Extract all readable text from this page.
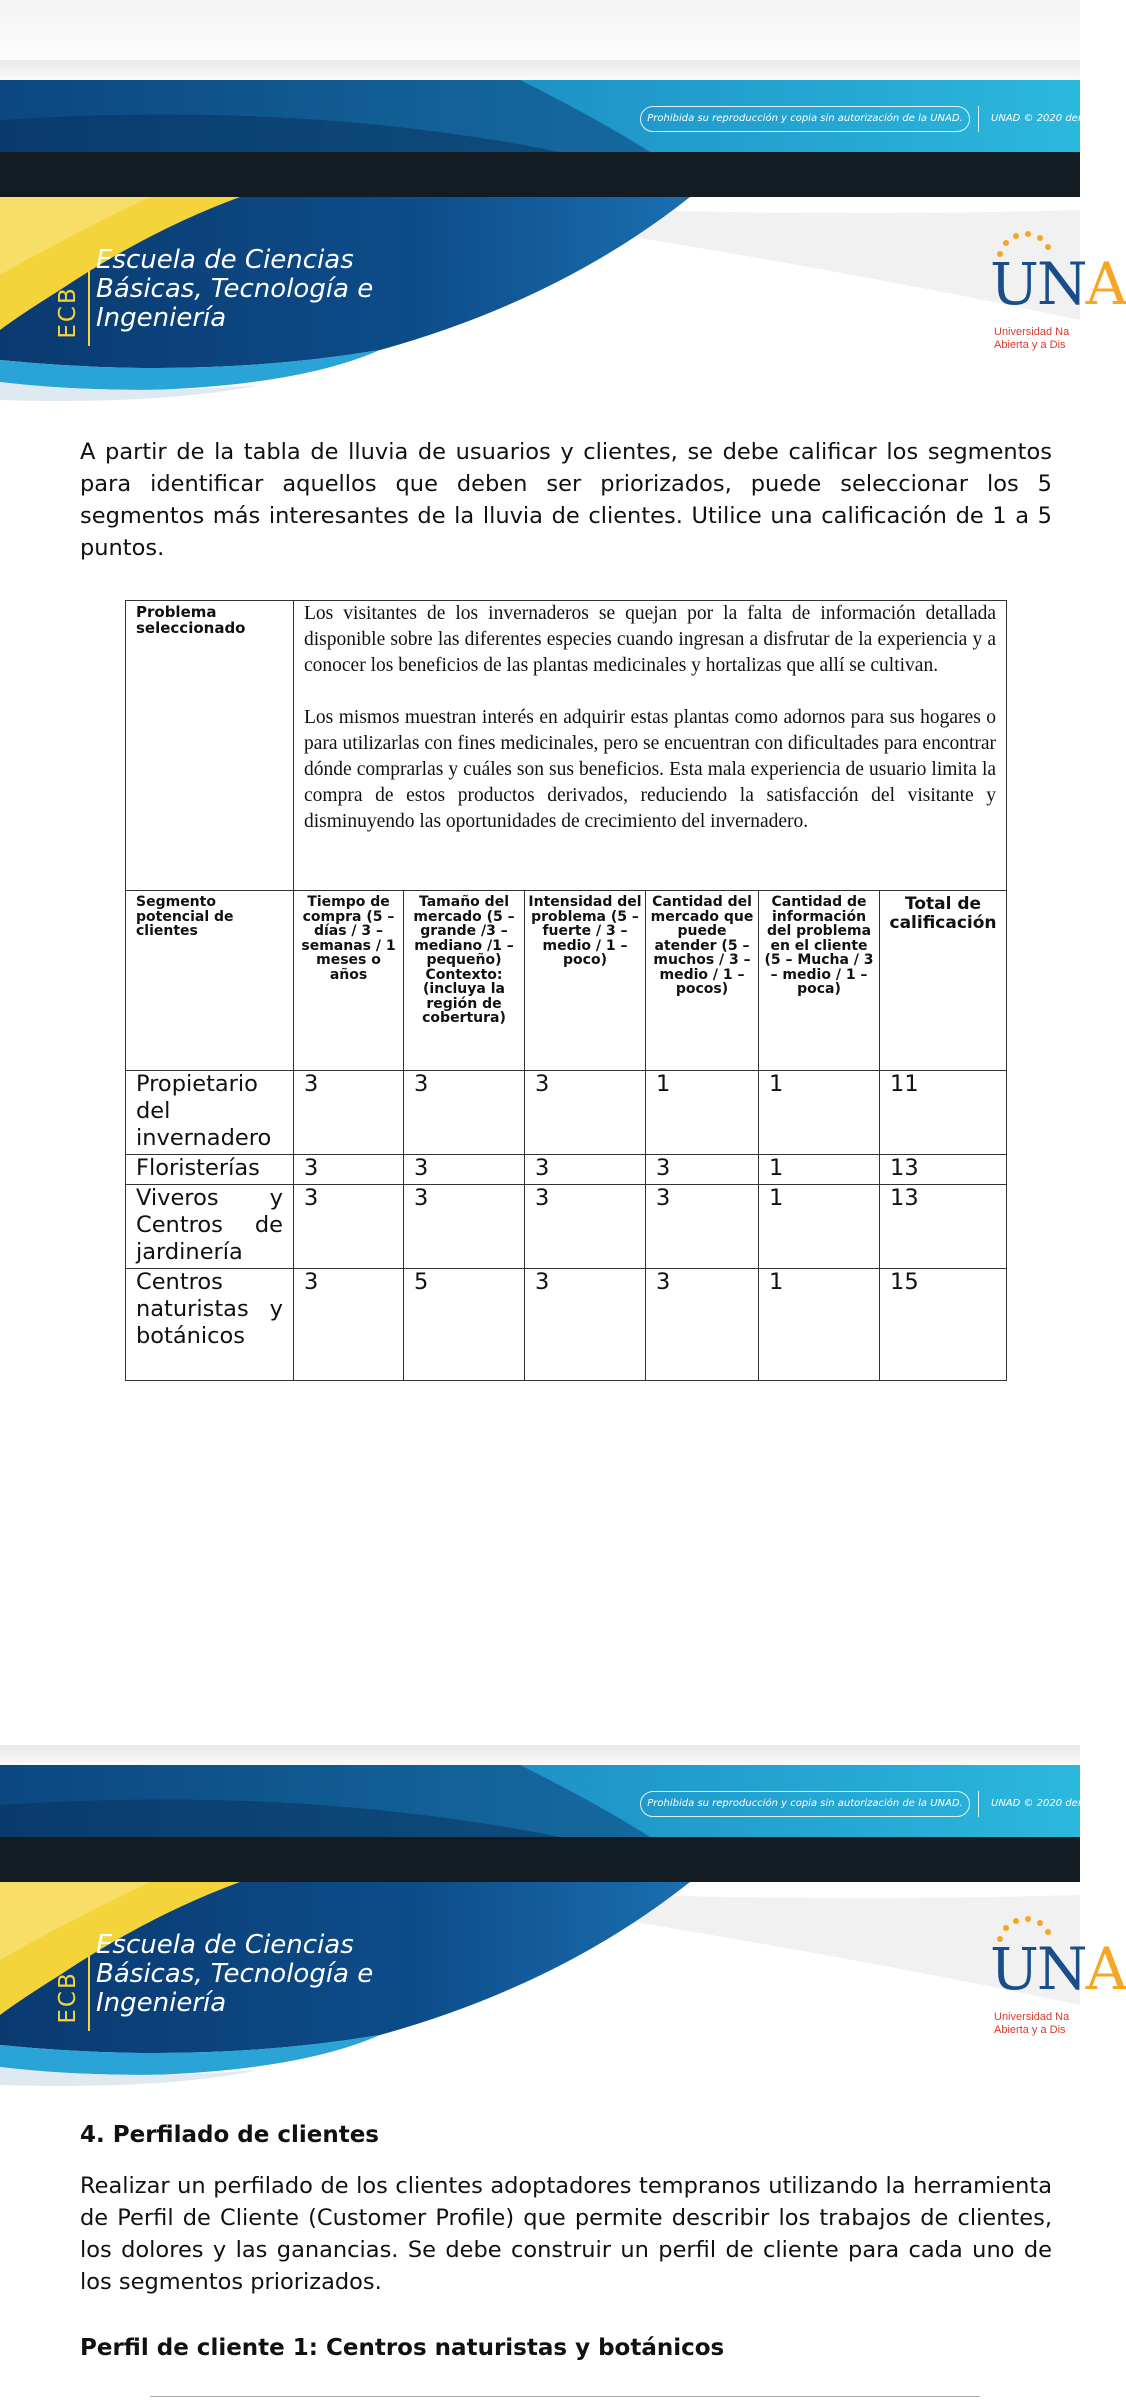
Prohibida su reproducción y copia sin autorización de la UNAD.	UNAD © 2020 derechos
ECBTI
Escuela de Ciencias
Básicas, Tecnología e
Ingeniería	UNA
Universidad Na
Abierta y a Dis

A partir de la tabla de lluvia de usuarios y clientes, se debe calificar los segmentos para identificar aquellos que deben ser priorizados, puede seleccionar los 5 segmentos más interesantes de la lluvia de clientes. Utilice una calificación de 1 a 5 puntos.

Problema seleccionado	Los visitantes de los invernaderos se quejan por la falta de información detallada disponible sobre las diferentes especies cuando ingresan a disfrutar de la experiencia y a conocer los beneficios de las plantas medicinales y hortalizas que allí se cultivan.

Los mismos muestran interés en adquirir estas plantas como adornos para sus hogares o para utilizarlas con fines medicinales, pero se encuentran con dificultades para encontrar dónde comprarlas y cuáles son sus beneficios. Esta mala experiencia de usuario limita la compra de estos productos derivados, reduciendo la satisfacción del visitante y disminuyendo las oportunidades de crecimiento del invernadero.					

Segmento potencial de clientes	Tiempo de compra (5 – días / 3 – semanas / 1 meses o años	Tamaño del mercado (5 – grande /3 – mediano /1 – pequeño) Contexto: (incluya la región de cobertura)	Intensidad del problema (5 – fuerte / 3 – medio / 1 – poco)	Cantidad del mercado que puede atender (5 – muchos / 3 – medio / 1 – pocos)	Cantidad de información del problema en el cliente (5 – Mucha / 3 – medio / 1 – poca)	Total de calificación
Propietario del invernadero	3	3	3	1	1	11
Floristerías	3	3	3	3	1	13
Viveros y Centros de jardinería	3	3	3	3	1	13
Centros naturistas y botánicos	3	5	3	3	1	15
Prohibida su reproducción y copia sin autorización de la UNAD.	UNAD © 2020 derechos
ECBTI
Escuela de Ciencias
Básicas, Tecnología e
Ingeniería	UNA
Universidad Na
Abierta y a Dis
4. Perfilado de clientes

Realizar un perfilado de los clientes adoptadores tempranos utilizando la herramienta de Perfil de Cliente (Customer Profile) que permite describir los trabajos de clientes, los dolores y las ganancias. Se debe construir un perfil de cliente para cada uno de los segmentos priorizados.

Perfil de cliente 1: Centros naturistas y botánicos
